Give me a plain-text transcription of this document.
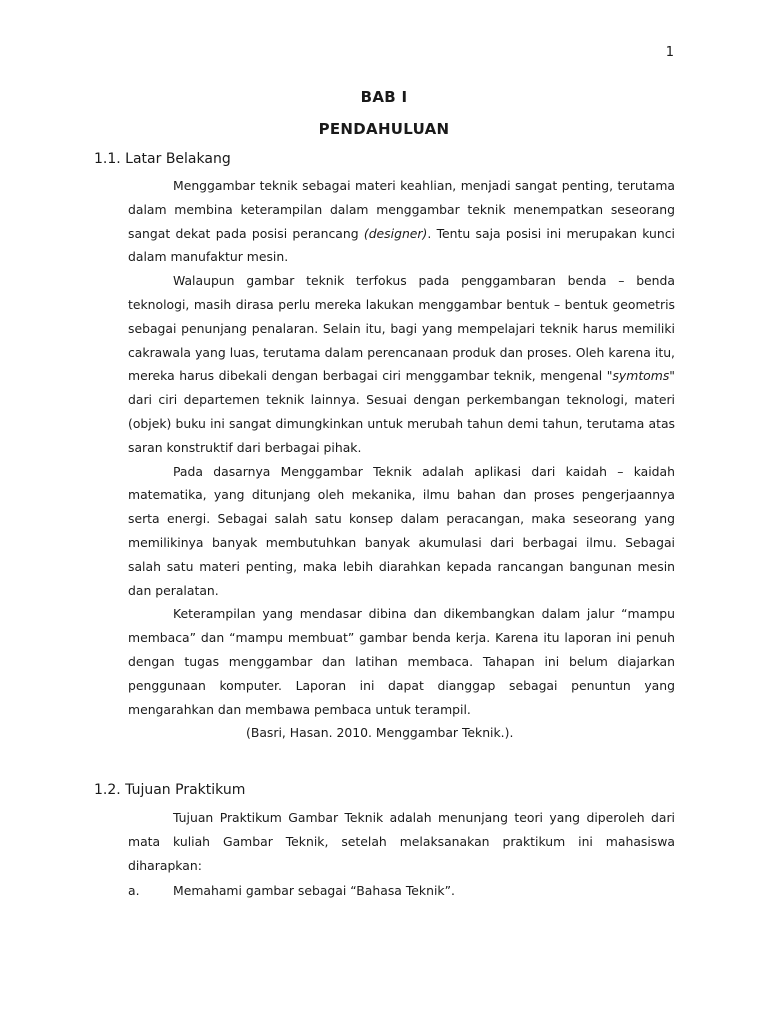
1
BAB I
PENDAHULUAN
1.1. Latar Belakang

Menggambar teknik sebagai materi keahlian, menjadi sangat penting, terutama dalam membina keterampilan dalam menggambar teknik menempatkan seseorang sangat dekat pada posisi perancang (designer). Tentu saja posisi ini merupakan kunci dalam manufaktur mesin.

Walaupun gambar teknik terfokus pada penggambaran benda – benda teknologi, masih dirasa perlu mereka lakukan menggambar bentuk – bentuk geometris sebagai penunjang penalaran. Selain itu, bagi yang mempelajari teknik harus memiliki cakrawala yang luas, terutama dalam perencanaan produk dan proses. Oleh karena itu, mereka harus dibekali dengan berbagai ciri menggambar teknik, mengenal "symtoms" dari ciri departemen teknik lainnya. Sesuai dengan perkembangan teknologi, materi (objek) buku ini sangat dimungkinkan untuk merubah tahun demi tahun, terutama atas saran konstruktif dari berbagai pihak.

Pada dasarnya Menggambar Teknik adalah aplikasi dari kaidah – kaidah matematika, yang ditunjang oleh mekanika, ilmu bahan dan proses pengerjaannya serta energi. Sebagai salah satu konsep dalam peracangan, maka seseorang yang memilikinya banyak membutuhkan banyak akumulasi dari berbagai ilmu. Sebagai salah satu materi penting, maka lebih diarahkan kepada rancangan bangunan mesin dan peralatan.

Keterampilan yang mendasar dibina dan dikembangkan dalam jalur “mampu membaca” dan “mampu membuat” gambar benda kerja. Karena itu laporan ini penuh dengan tugas menggambar dan latihan membaca. Tahapan ini belum diajarkan penggunaan komputer. Laporan ini dapat dianggap sebagai penuntun yang mengarahkan dan membawa pembaca untuk terampil.

(Basri, Hasan. 2010. Menggambar Teknik.).

1.2. Tujuan Praktikum

Tujuan Praktikum Gambar Teknik adalah menunjang teori yang diperoleh dari mata kuliah Gambar Teknik, setelah melaksanakan praktikum ini mahasiswa diharapkan:

a.	Memahami gambar sebagai “Bahasa Teknik”.
